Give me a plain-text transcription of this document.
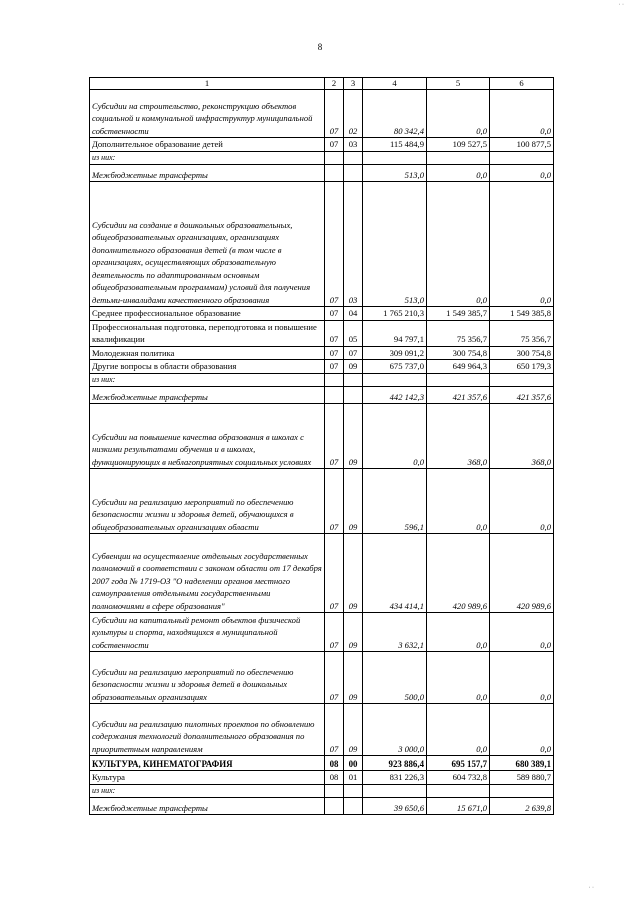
· ·
8
1	2	3	4	5	6
Субсидии на строительство, реконструкцию объектов социальной и коммунальной инфраструктур муниципальной собственности	07	02	80 342,4	0,0	0,0
Дополнительное образование детей	07	03	115 484,9	109 527,5	100 877,5
из них:					
Межбюджетные трансферты			513,0	0,0	0,0
Субсидии на создание в дошкольных образовательных, общеобразовательных организациях, организациях дополнительного образования детей (в том числе в организациях, осуществляющих образовательную деятельность по адаптированным основным общеобразовательным программам) условий для получения детьми-инвалидами качественного образования	07	03	513,0	0,0	0,0
Среднее профессиональное образование	07	04	1 765 210,3	1 549 385,7	1 549 385,8
Профессиональная подготовка, переподготовка и повышение квалификации	07	05	94 797,1	75 356,7	75 356,7
Молодежная политика	07	07	309 091,2	300 754,8	300 754,8
Другие вопросы в области образования	07	09	675 737,0	649 964,3	650 179,3
из них:					
Межбюджетные трансферты			442 142,3	421 357,6	421 357,6
Субсидии на повышение качества образования в школах с низкими результатами обучения и в школах, функционирующих в неблагоприятных социальных условиях	07	09	0,0	368,0	368,0
Субсидии на реализацию мероприятий по обеспечению безопасности жизни и здоровья детей, обучающихся в общеобразовательных организациях области	07	09	596,1	0,0	0,0
Субвенции на осуществление отдельных государственных полномочий в соответствии с законом области от 17 декабря 2007 года № 1719-ОЗ "О наделении органов местного самоуправления отдельными государственными полномочиями в сфере образования"	07	09	434 414,1	420 989,6	420 989,6
Субсидии на капитальный ремонт объектов физической культуры и спорта, находящихся в муниципальной собственности	07	09	3 632,1	0,0	0,0
Субсидии на реализацию мероприятий по обеспечению безопасности жизни и здоровья детей в дошкольных образовательных организациях	07	09	500,0	0,0	0,0
Субсидии на реализацию пилотных проектов по обновлению содержания технологий дополнительного образования по приоритетным направлениям	07	09	3 000,0	0,0	0,0
КУЛЬТУРА, КИНЕМАТОГРАФИЯ	08	00	923 886,4	695 157,7	680 389,1
Культура	08	01	831 226,3	604 732,8	589 880,7
из них:					
Межбюджетные трансферты			39 650,6	15 671,0	2 639,8
· ·
